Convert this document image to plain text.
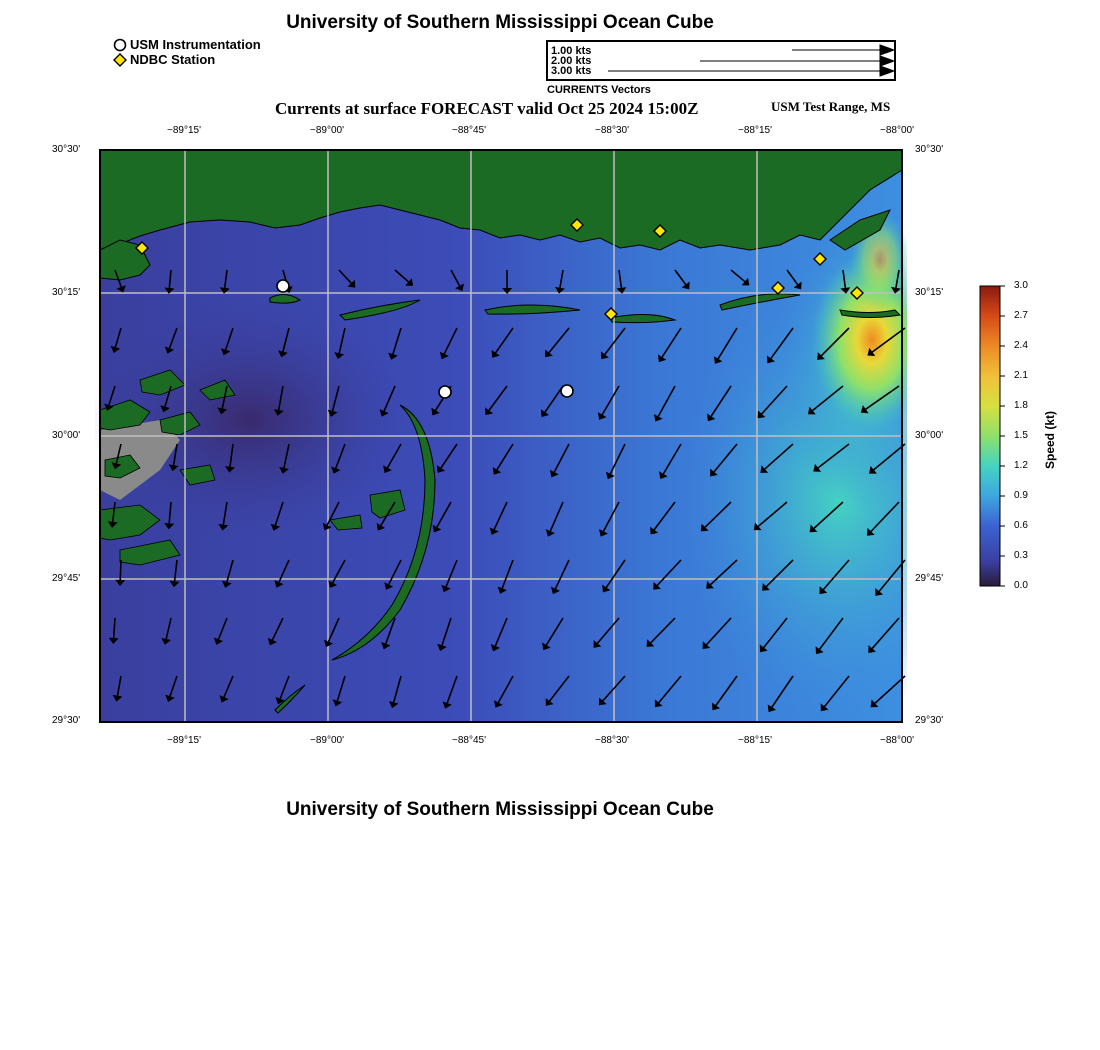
University of Southern Mississippi Ocean Cube
USM Instrumentation
NDBC Station
1.00 kts
2.00 kts
3.00 kts
CURRENTS Vectors
Currents at surface FORECAST valid Oct 25 2024 15:00Z	USM Test Range, MS
−89°15'	−89°00'	−88°45'	−88°30'	−88°15'	−88°00'
−89°15'	−89°00'	−88°45'	−88°30'	−88°15'	−88°00'
30°30'
30°15'
30°00'
29°45'
29°30'
30°30'
30°15'
30°00'
29°45'
29°30'
3.0
2.7
2.4
2.1
1.8
1.5
1.2
0.9
0.6
0.3
0.0
Speed (kt)
University of Southern Mississippi Ocean Cube
